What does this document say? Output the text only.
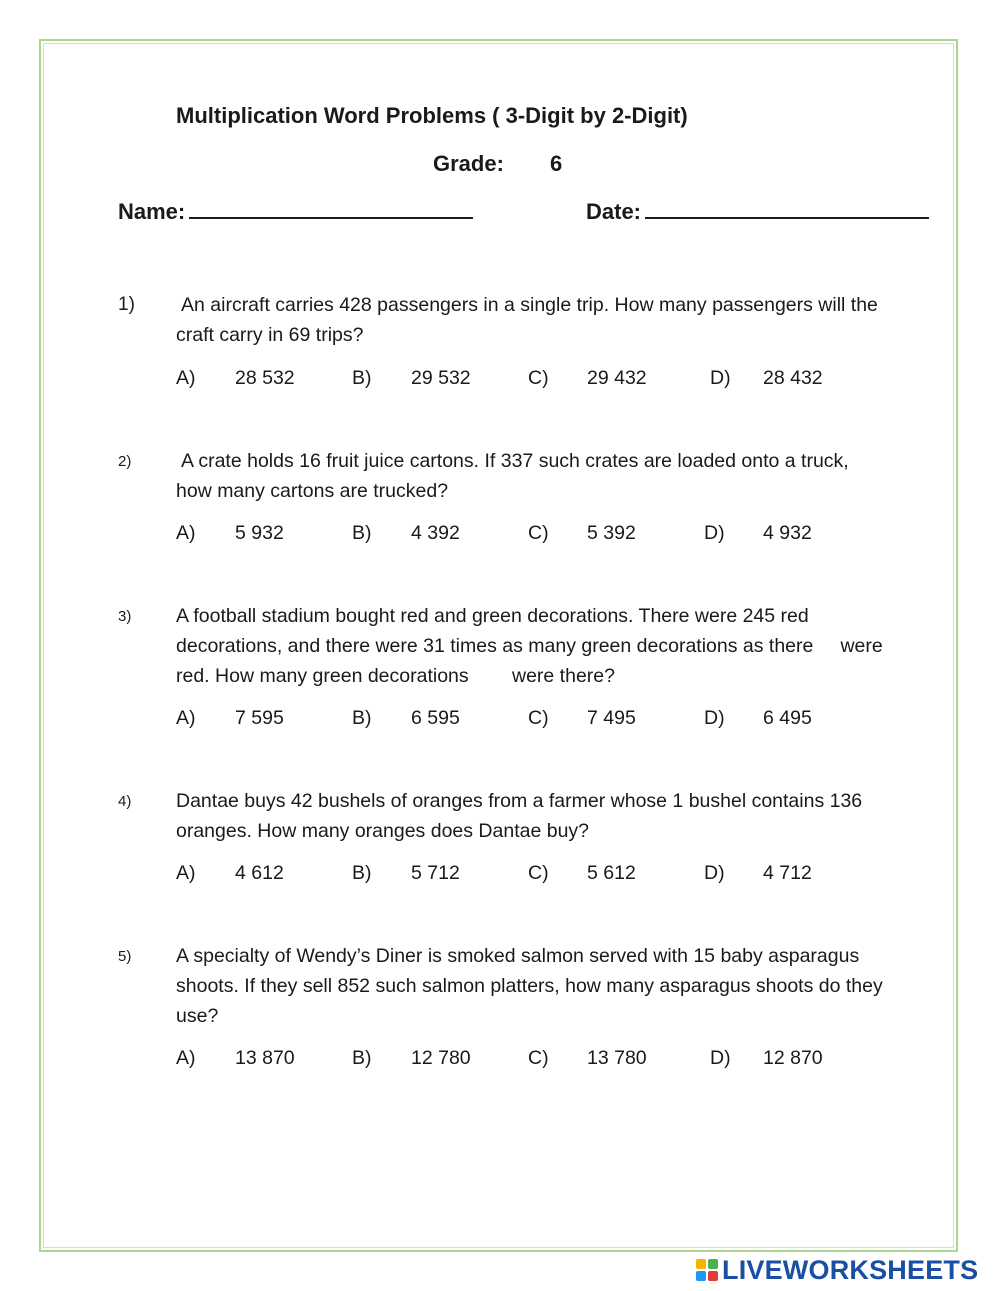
Multiplication Word Problems ( 3-Digit by 2-Digit)
Grade: 6
Name:	Date:
1) An aircraft carries 428 passengers in a single trip. How many passengers will the
craft carry in 69 trips?
A) 28 532	B) 29 532	C) 29 432	D) 28 432
2)	A crate holds 16 fruit juice cartons. If 337 such crates are loaded onto a truck,
how many cartons are trucked?
A) 5 932	B) 4 392	C) 5 392	D) 4 932
3) A football stadium bought red and green decorations. There were 245 red
decorations, and there were 31 times as many green decorations as there     were
red. How many green decorations        were there?
A) 7 595	B) 6 595	C) 7 495	D) 6 495
4) Dantae buys 42 bushels of oranges from a farmer whose 1 bushel contains 136
oranges. How many oranges does Dantae buy?
A) 4 612	B) 5 712	C) 5 612	D) 4 712
5) A specialty of Wendy’s Diner is smoked salmon served with 15 baby asparagus
shoots. If they sell 852 such salmon platters, how many asparagus shoots do they
use?
A) 13 870	B) 12 780	C) 13 780	D) 12 870
LIVEWORKSHEETS
